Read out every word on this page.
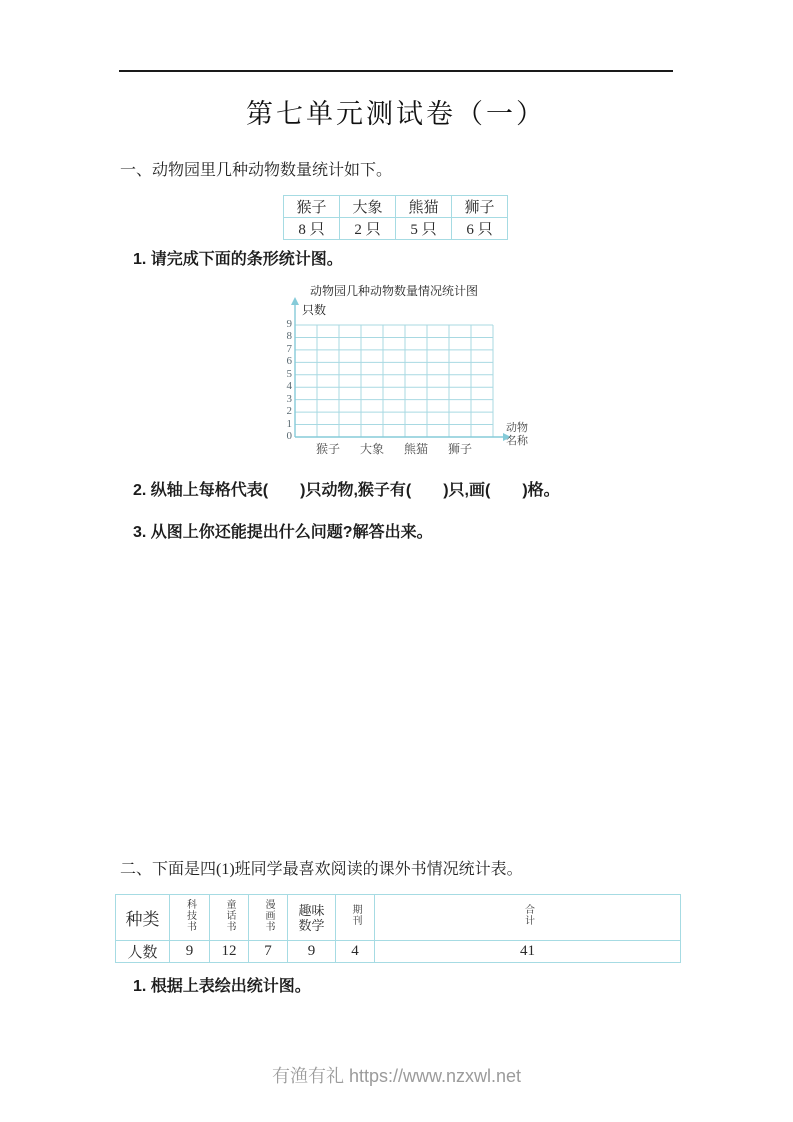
第七单元测试卷（一）
一、动物园里几种动物数量统计如下。
猴子	大象	熊猫	狮子
8 只	2 只	5 只	6 只
1. 请完成下面的条形统计图。
动物园几种动物数量情况统计图
9
8
7
6
5
4
3
2
1
0
只数
猴子	大象	熊猫	狮子
动物
名称
2. 纵轴上每格代表(　　)只动物,猴子有(　　)只,画(　　)格。
3. 从图上你还能提出什么问题?解答出来。
二、下面是四(1)班同学最喜欢阅读的课外书情况统计表。
种类	科技书	童话书	漫画书	趣味数学	期刊	合计
人数	9	12	7	9	4	41
1. 根据上表绘出统计图。
有渔有礼 https://www.nzxwl.net
